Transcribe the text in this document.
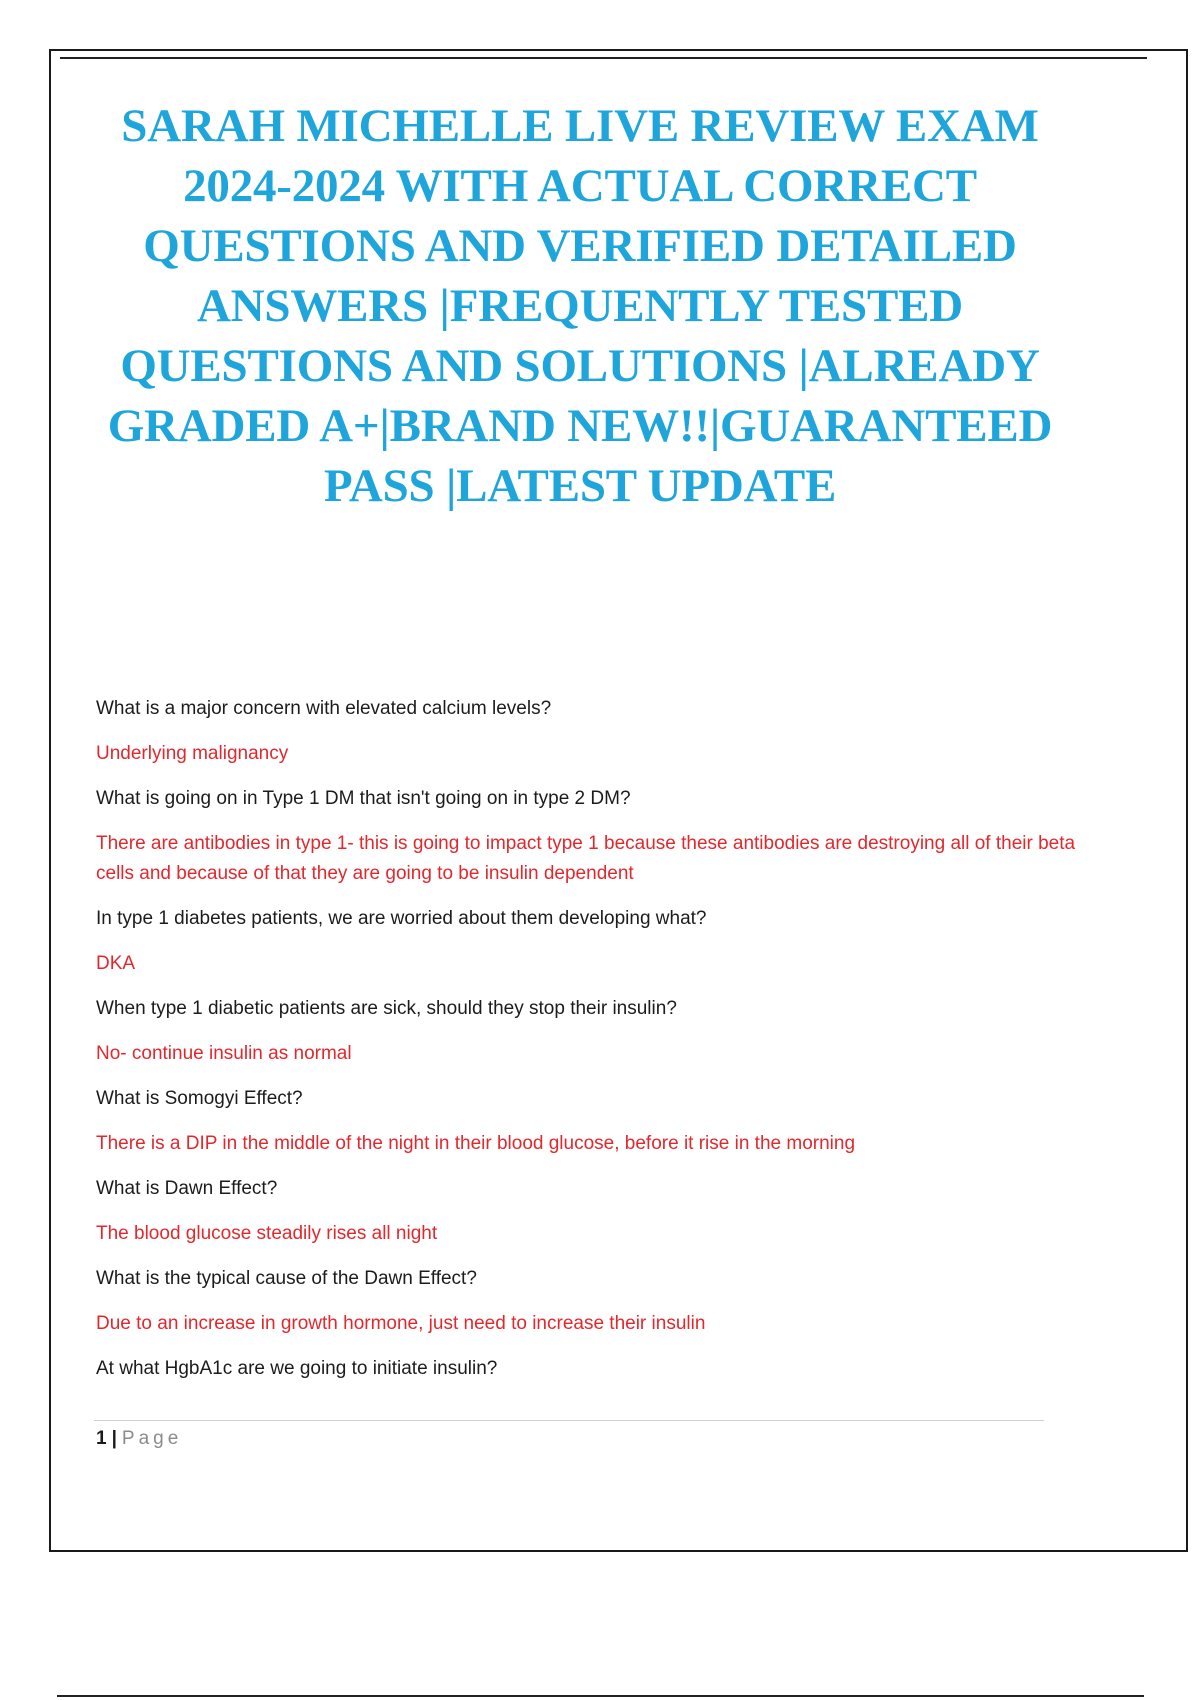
SARAH MICHELLE LIVE REVIEW EXAM 2024-2024 WITH ACTUAL CORRECT QUESTIONS AND VERIFIED DETAILED ANSWERS |FREQUENTLY TESTED QUESTIONS AND SOLUTIONS |ALREADY GRADED A+|BRAND NEW!!|GUARANTEED PASS |LATEST UPDATE

What is a major concern with elevated calcium levels?

Underlying malignancy

What is going on in Type 1 DM that isn't going on in type 2 DM?

There are antibodies in type 1- this is going to impact type 1 because these antibodies are destroying all of their beta cells and because of that they are going to be insulin dependent

In type 1 diabetes patients, we are worried about them developing what?

DKA

When type 1 diabetic patients are sick, should they stop their insulin?

No- continue insulin as normal

What is Somogyi Effect?

There is a DIP in the middle of the night in their blood glucose, before it rise in the morning

What is Dawn Effect?

The blood glucose steadily rises all night

What is the typical cause of the Dawn Effect?

Due to an increase in growth hormone, just need to increase their insulin

At what HgbA1c are we going to initiate insulin?

1 | Page
